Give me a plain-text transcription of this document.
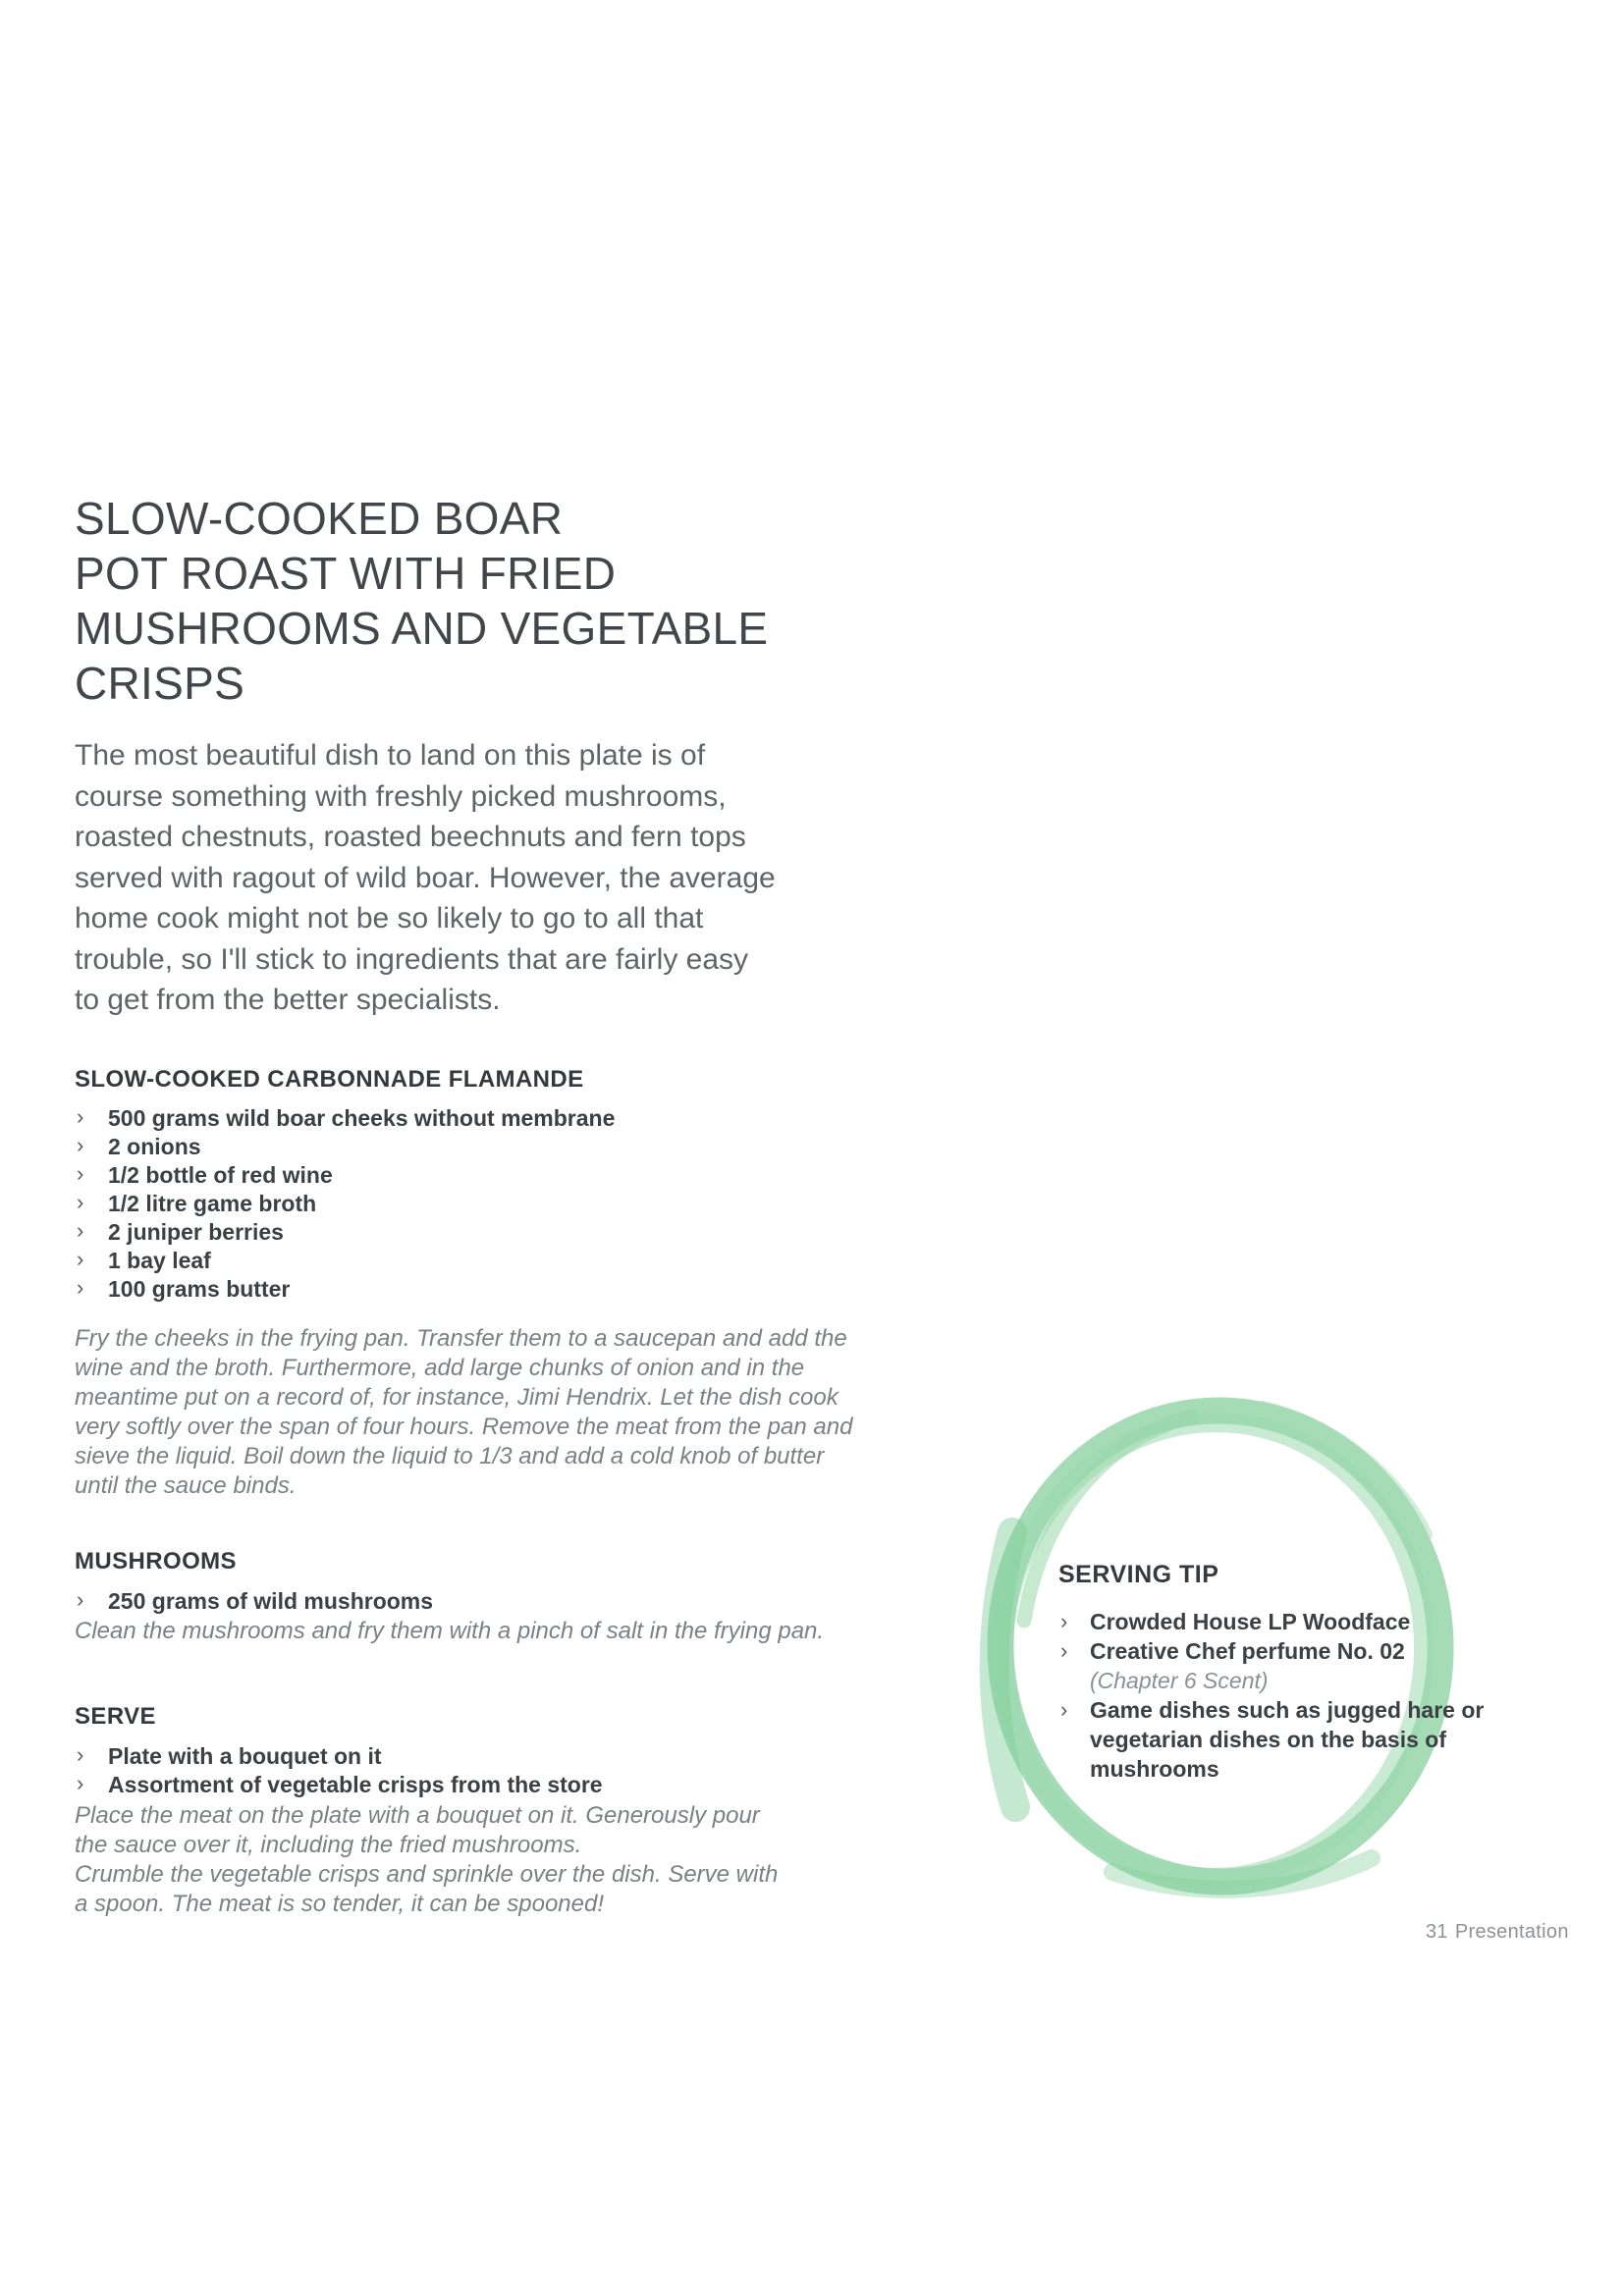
SLOW-COOKED BOAR
POT ROAST WITH FRIED
MUSHROOMS AND VEGETABLE
CRISPS
The most beautiful dish to land on this plate is of
course something with freshly picked mushrooms,
roasted chestnuts, roasted beechnuts and fern tops
served with ragout of wild boar. However, the average
home cook might not be so likely to go to all that
trouble, so I'll stick to ingredients that are fairly easy
to get from the better specialists.
SLOW-COOKED CARBONNADE FLAMANDE
› 500 grams wild boar cheeks without membrane
› 2 onions
› 1/2 bottle of red wine
› 1/2 litre game broth
› 2 juniper berries
› 1 bay leaf
› 100 grams butter
Fry the cheeks in the frying pan. Transfer them to a saucepan and add the
wine and the broth. Furthermore, add large chunks of onion and in the
meantime put on a record of, for instance, Jimi Hendrix. Let the dish cook
very softly over the span of four hours. Remove the meat from the pan and
sieve the liquid. Boil down the liquid to 1/3 and add a cold knob of butter
until the sauce binds.
MUSHROOMS
› 250 grams of wild mushrooms
Clean the mushrooms and fry them with a pinch of salt in the frying pan.
SERVE
› Plate with a bouquet on it
› Assortment of vegetable crisps from the store
Place the meat on the plate with a bouquet on it. Generously pour
the sauce over it, including the fried mushrooms.
Crumble the vegetable crisps and sprinkle over the dish. Serve with
a spoon. The meat is so tender, it can be spooned!
SERVING TIP
› Crowded House LP Woodface
› Creative Chef perfume No. 02
(Chapter 6 Scent)
› Game dishes such as jugged hare or vegetarian dishes on the basis of mushrooms
31 Presentation
